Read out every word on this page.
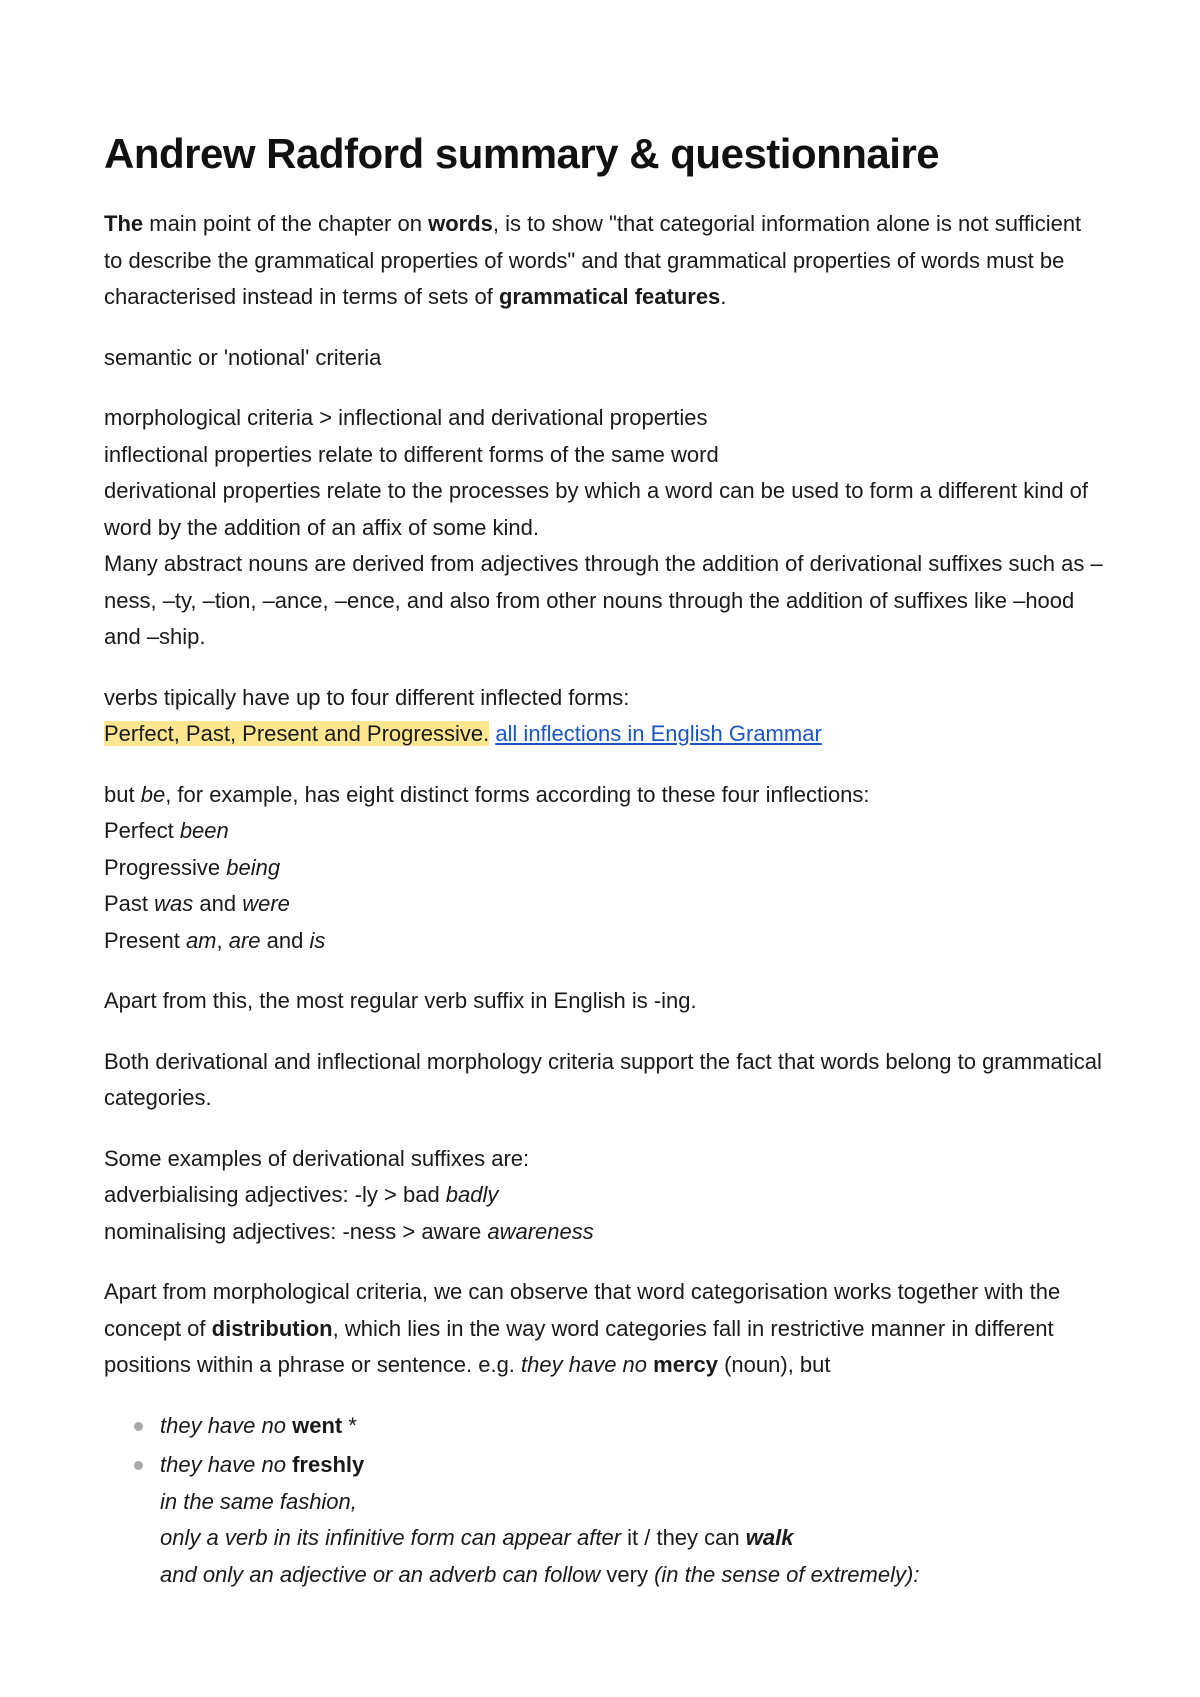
Andrew Radford summary & questionnaire

The main point of the chapter on words, is to show "that categorial information alone is not sufficient to describe the grammatical properties of words" and that grammatical properties of words must be characterised instead in terms of sets of grammatical features.

semantic or 'notional' criteria

morphological criteria > inflectional and derivational properties
inflectional properties relate to different forms of the same word
derivational properties relate to the processes by which a word can be used to form a different kind of word by the addition of an affix of some kind.
Many abstract nouns are derived from adjectives through the addition of derivational suffixes such as –ness, –ty, –tion, –ance, –ence, and also from other nouns through the addition of suffixes like –hood and –ship.

verbs tipically have up to four different inflected forms:
Perfect, Past, Present and Progressive. all inflections in English Grammar

but be, for example, has eight distinct forms according to these four inflections:
Perfect been
Progressive being
Past was and were
Present am, are and is

Apart from this, the most regular verb suffix in English is -ing.

Both derivational and inflectional morphology criteria support the fact that words belong to grammatical categories.

Some examples of derivational suffixes are:
adverbialising adjectives: -ly > bad badly
nominalising adjectives: -ness > aware awareness

Apart from morphological criteria, we can observe that word categorisation works together with the concept of distribution, which lies in the way word categories fall in restrictive manner in different positions within a phrase or sentence. e.g. they have no mercy (noun), but

they have no went *
they have no freshly
in the same fashion,
only a verb in its infinitive form can appear after it / they can walk
and only an adjective or an adverb can follow very (in the sense of extremely):
